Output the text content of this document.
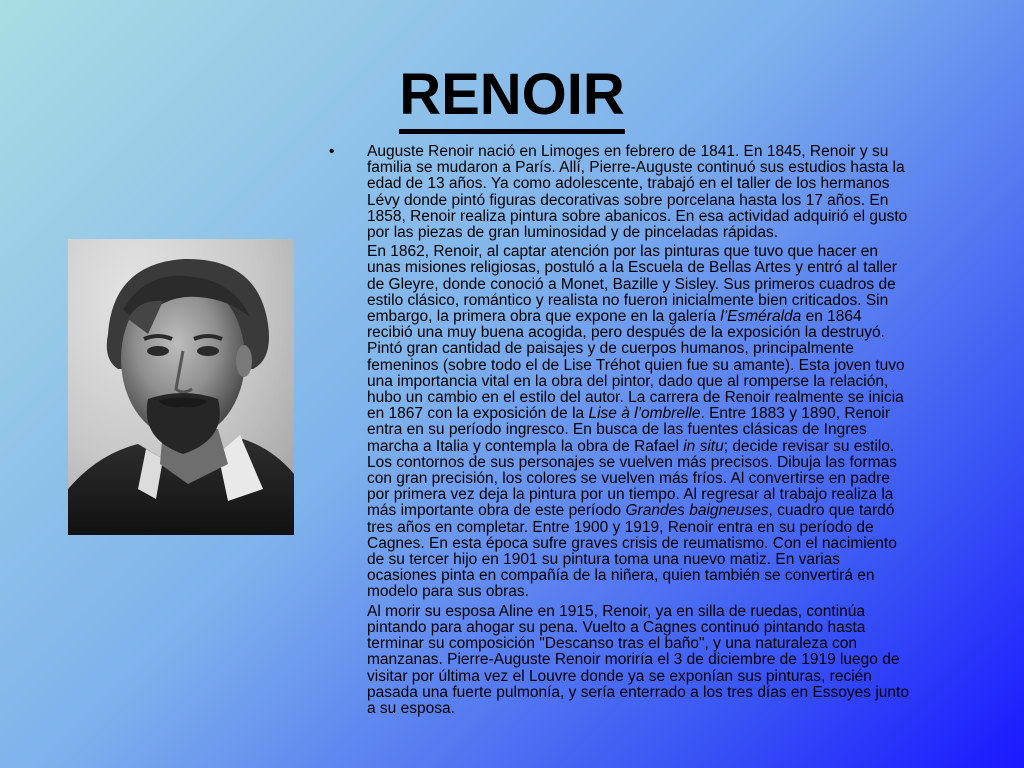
RENOIR
• Auguste Renoir nació en Limoges en febrero de 1841. En 1845, Renoir y su
familia se mudaron a París. Allí, Pierre-Auguste continuó sus estudios hasta la
edad de 13 años. Ya como adolescente, trabajó en el taller de los hermanos
Lévy donde pintó figuras decorativas sobre porcelana hasta los 17 años. En
1858, Renoir realiza pintura sobre abanicos. En esa actividad adquirió el gusto
por las piezas de gran luminosidad y de pinceladas rápidas.

En 1862, Renoir, al captar atención por las pinturas que tuvo que hacer en
unas misiones religiosas, postuló a la Escuela de Bellas Artes y entró al taller
de Gleyre, donde conoció a Monet, Bazille y Sisley. Sus primeros cuadros de
estilo clásico, romántico y realista no fueron inicialmente bien criticados. Sin
embargo, la primera obra que expone en la galería l’Esméralda en 1864
recibió una muy buena acogida, pero después de la exposición la destruyó.
Pintó gran cantidad de paisajes y de cuerpos humanos, principalmente
femeninos (sobre todo el de Lise Tréhot quien fue su amante). Esta joven tuvo
una importancia vital en la obra del pintor, dado que al romperse la relación,
hubo un cambio en el estilo del autor. La carrera de Renoir realmente se inicia
en 1867 con la exposición de la Lise à l’ombrelle. Entre 1883 y 1890, Renoir
entra en su período ingresco. En busca de las fuentes clásicas de Ingres
marcha a Italia y contempla la obra de Rafael in situ; decide revisar su estilo.
Los contornos de sus personajes se vuelven más precisos. Dibuja las formas
con gran precisión, los colores se vuelven más fríos. Al convertirse en padre
por primera vez deja la pintura por un tiempo. Al regresar al trabajo realiza la
más importante obra de este período Grandes baigneuses, cuadro que tardó
tres años en completar. Entre 1900 y 1919, Renoir entra en su período de
Cagnes. En esta época sufre graves crisis de reumatismo. Con el nacimiento
de su tercer hijo en 1901 su pintura toma una nuevo matiz. En varias
ocasiones pinta en compañía de la niñera, quien también se convertirá en
modelo para sus obras.

Al morir su esposa Aline en 1915, Renoir, ya en silla de ruedas, continúa
pintando para ahogar su pena. Vuelto a Cagnes continuó pintando hasta
terminar su composición "Descanso tras el baño", y una naturaleza con
manzanas. Pierre-Auguste Renoir moriría el 3 de diciembre de 1919 luego de
visitar por última vez el Louvre donde ya se exponían sus pinturas, recién
pasada una fuerte pulmonía, y sería enterrado a los tres días en Essoyes junto
a su esposa.
